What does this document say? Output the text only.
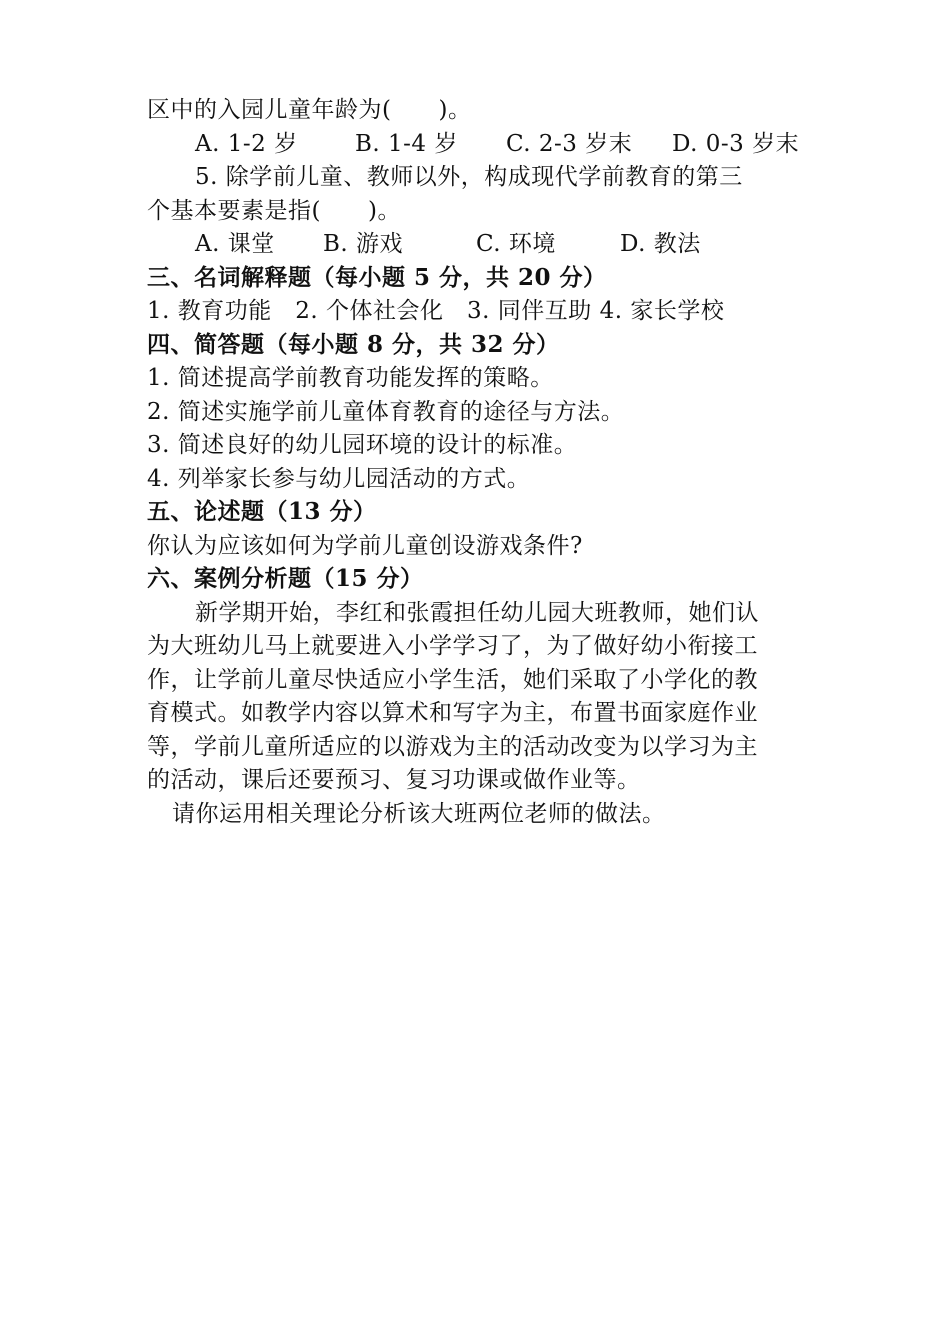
区中的入园儿童年龄为(　　)。
A. 1-2 岁 B. 1-4 岁 C. 2-3 岁末 D. 0-3 岁末
5. 除学前儿童、教师以外，构成现代学前教育的第三
个基本要素是指(　　)。
A. 课堂 B. 游戏	C. 环境	D. 教法
三、名词解释题（每小题 5 分，共 20 分）
1. 教育功能　2. 个体社会化　3. 同伴互助 4. 家长学校
四、简答题（每小题 8 分，共 32 分）
1. 简述提高学前教育功能发挥的策略。
2. 简述实施学前儿童体育教育的途径与方法。
3. 简述良好的幼儿园环境的设计的标准。
4. 列举家长参与幼儿园活动的方式。
五、论述题（13 分）
你认为应该如何为学前儿童创设游戏条件?
六、案例分析题（15 分）
新学期开始，李红和张霞担任幼儿园大班教师，她们认
为大班幼儿马上就要进入小学学习了，为了做好幼小衔接工
作，让学前儿童尽快适应小学生活，她们采取了小学化的教
育模式。如教学内容以算术和写字为主，布置书面家庭作业
等，学前儿童所适应的以游戏为主的活动改变为以学习为主
的活动，课后还要预习、复习功课或做作业等。
请你运用相关理论分析该大班两位老师的做法。
